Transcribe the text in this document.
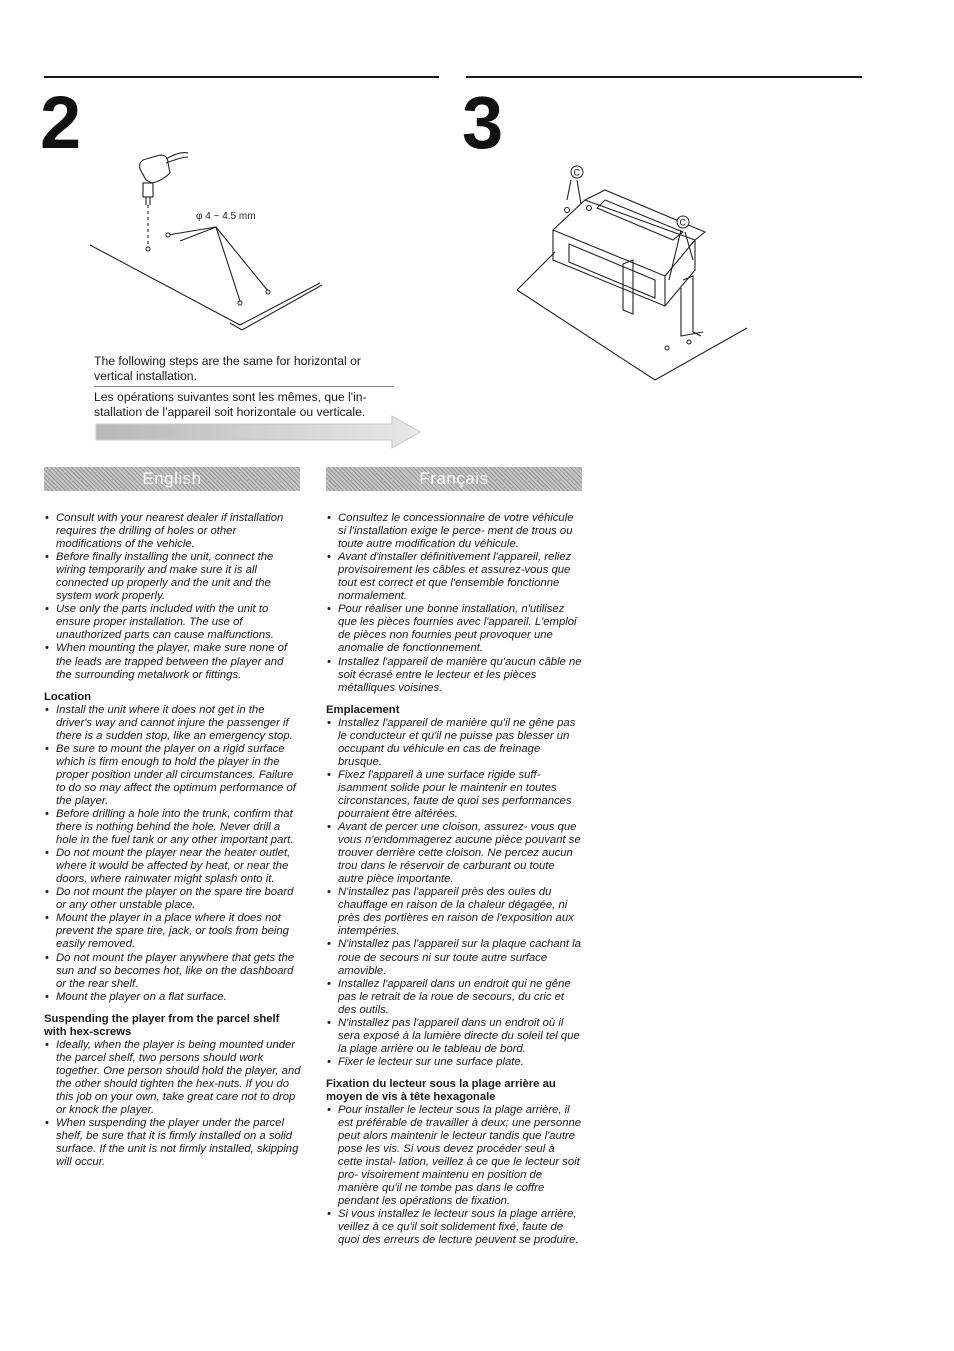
2	3
φ 4 ~ 4.5 mm
C
C
The following steps are the same for horizontal or vertical installation.
Les opérations suivantes sont les mêmes, que l'in- stallation de l'appareil soit horizontale ou verticale.
English	Français
• Consult with your nearest dealer if installation requires the drilling of holes or other modifications of the vehicle.
• Before finally installing the unit, connect the wiring temporarily and make sure it is all connected up properly and the unit and the system work properly.
• Use only the parts included with the unit to ensure proper installation. The use of unauthorized parts can cause malfunctions.
• When mounting the player, make sure none of the leads are trapped between the player and the surrounding metalwork or fittings.
Location
• Install the unit where it does not get in the driver's way and cannot injure the passenger if there is a sudden stop, like an emergency stop.
• Be sure to mount the player on a rigid surface which is firm enough to hold the player in the proper position under all circumstances. Failure to do so may affect the optimum performance of the player.
• Before drilling a hole into the trunk, confirm that there is nothing behind the hole. Never drill a hole in the fuel tank or any other important part.
• Do not mount the player near the heater outlet, where it would be affected by heat, or near the doors, where rainwater might splash onto it.
• Do not mount the player on the spare tire board or any other unstable place.
• Mount the player in a place where it does not prevent the spare tire, jack, or tools from being easily removed.
• Do not mount the player anywhere that gets the sun and so becomes hot, like on the dashboard or the rear shelf.
• Mount the player on a flat surface.
Suspending the player from the parcel shelf with hex-screws
• Ideally, when the player is being mounted under the parcel shelf, two persons should work together. One person should hold the player, and the other should tighten the hex-nuts. If you do this job on your own, take great care not to drop or knock the player.
• When suspending the player under the parcel shelf, be sure that it is firmly installed on a solid surface. If the unit is not firmly installed, skipping will occur.
• Consultez le concessionnaire de votre véhicule si l'installation exige le perce- ment de trous ou toute autre modification du véhicule.
• Avant d'installer définitivement l'appareil, reliez provisoirement les câbles et assurez-vous que tout est correct et que l'ensemble fonctionne normalement.
• Pour réaliser une bonne installation, n'utilisez que les pièces fournies avec l'appareil. L'emploi de pièces non fournies peut provoquer une anomalie de fonctionnement.
• Installez l'appareil de manière qu'aucun câble ne soit écrasé entre le lecteur et les pièces métalliques voisines.
Emplacement
• Installez l'appareil de manière qu'il ne gêne pas le conducteur et qu'il ne puisse pas blesser un occupant du véhicule en cas de freinage brusque.
• Fixez l'appareil à une surface rigide suff- isamment solide pour le maintenir en toutes circonstances, faute de quoi ses performances pourraient être altérées.
• Avant de percer une cloison, assurez- vous que vous n'endommagerez aucune pièce pouvant se trouver derrière cette cloison. Ne percez aucun trou dans le réservoir de carburant ou toute autre pièce importante.
• N'installez pas l'appareil près des ouïes du chauffage en raison de la chaleur dégagée, ni près des portières en raison de l'exposition aux intempéries.
• N'installez pas l'appareil sur la plaque cachant la roue de secours ni sur toute autre surface amovible.
• Installez l'appareil dans un endroit qui ne gêne pas le retrait de la roue de secours, du cric et des outils.
• N'installez pas l'appareil dans un endroit où il sera exposé à la lumière directe du soleil tel que la plage arrière ou le tableau de bord.
• Fixer le lecteur sur une surface plate.
Fixation du lecteur sous la plage arrière au moyen de vis à tête hexagonale
• Pour installer le lecteur sous la plage arrière, il est préférable de travailler à deux; une personne peut alors maintenir le lecteur tandis que l'autre pose les vis. Si vous devez procéder seul à cette instal- lation, veillez à ce que le lecteur soit pro- visoirement maintenu en position de manière qu'il ne tombe pas dans le coffre pendant les opérations de fixation.
• Si vous installez le lecteur sous la plage arrière, veillez à ce qu'il soit solidement fixé, faute de quoi des erreurs de lecture peuvent se produire.
